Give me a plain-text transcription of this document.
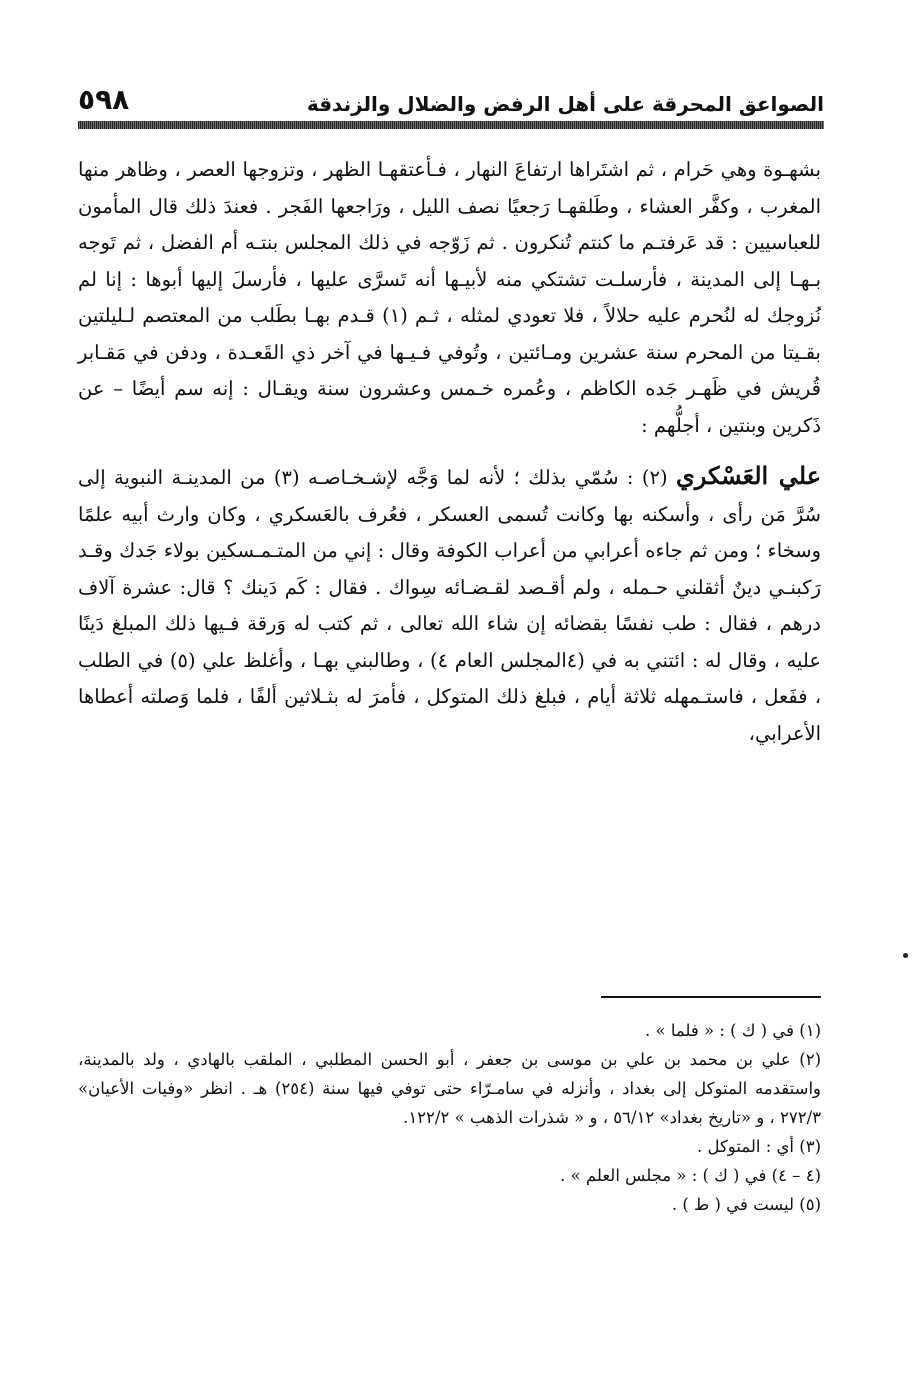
٥٩٨	الصواعق المحرقة على أهل الرفض والضلال والزندقة

بشهـوة وهي حَرام ، ثم اشتَراها ارتفاعَ النهار ، فـأعتقهـا الظهر ، وتزوجها العصر ، وظاهر منها المغرب ، وكفَّر العشاء ، وطَلقهـا رَجعيًا نصف الليل ، ورَاجعها الفَجر . فعندَ ذلك قال المأمون للعباسيين : قد عَرفتـم ما كنتم تُنكرون . ثم زَوّجه في ذلك المجلس بنتـه أم الفضل ، ثم تَوجه بـهـا إلى المدينة ، فأرسلـت تشتكي منه لأبيـها أنه تَسرَّى عليها ، فأرسلَ إليها أبوها : إنا لم نُزوجك له لنُحرم عليه حلالاً ، فلا تعودي لمثله ، ثـم (١) قـدم بهـا بطَلب من المعتصم لـليلتين بقـيتا من المحرم سنة عشرين ومـائتين ، وتُوفي فـيـها في آخر ذي القَعـدة ، ودفن في مَقـابر قُريش في ظَهـر جَده الكاظم ، وعُمره خـمس وعشرون سنة ويقـال : إنه سم أيضًا – عن ذَكرين وبنتين ، أجلُّهم :

علي العَسْكري (٢) : سُمّي بذلك ؛ لأنه لما وَجَّه لإشـخـاصـه (٣) من المدينـة النبوية إلى سُرَّ مَن رأى ، وأسكنه بها وكانت تُسمى العسكر ، فعُرف بالعَسكري ، وكان وارث أبيه علمًا وسخاء ؛ ومن ثم جاءه أعرابي من أعراب الكوفة وقال : إني من المتـمـسكين بولاء جَدك وقـد رَكبنـي دينٌ أثقلني حـمله ، ولم أقـصد لقـضـائه سِواك . فقال : كَم دَينك ؟ قال: عشرة آلاف درهم ، فقال : طب نفسًا بقضائه إن شاء الله تعالى ، ثم كتب له وَرقة فـيها ذلك المبلغ دَينًا عليه ، وقال له : ائتني به في (٤المجلس العام ٤) ، وطالبني بهـا ، وأغلظ علي (٥) في الطلب ، ففَعل ، فاستـمهله ثلاثة أيام ، فبلغ ذلك المتوكل ، فأمرَ له بثـلاثين ألفًا ، فلما وَصلته أعطاها الأعرابي،

(١) في ( ك ) : « فلما » .

(٢) علي بن محمد بن علي بن موسى بن جعفر ، أبو الحسن المطلبي ، الملقب بالهادي ، ولد بالمدينة، واستقدمه المتوكل إلى بغداد ، وأنزله في سامـرّاء حتى توفي فيها سنة (٢٥٤) هـ . انظر «وفيات الأعيان» ٢٧٢/٣ ، و «تاريخ بغداد» ٥٦/١٢ ، و « شذرات الذهب » ١٢٢/٢.

(٣) أي : المتوكل .

(٤ – ٤) في ( ك ) : « مجلس العلم » .

(٥) ليست في ( ط ) .
